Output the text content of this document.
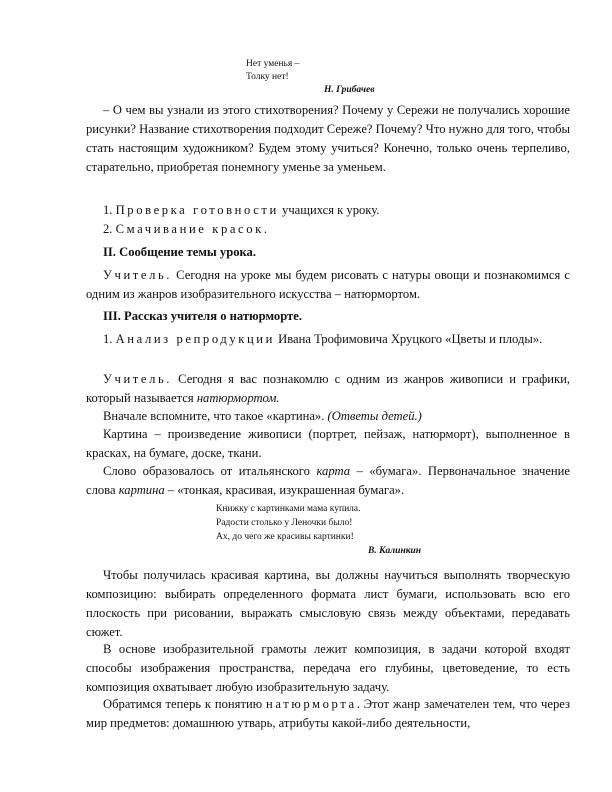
Нет уменья –
Толку нет!
Н. Грибачев
– О чем вы узнали из этого стихотворения? Почему у Сережи не получались хорошие рисунки? Название стихотворения подходит Сереже? Почему? Что нужно для того, чтобы стать настоящим художником? Будем этому учиться? Конечно, только очень терпеливо, старательно, приобретая понемногу уменье за уменьем.
1. Проверка готовности учащихся к уроку.
2. Смачивание красок.
II. Сообщение темы урока.
Учитель. Сегодня на уроке мы будем рисовать с натуры овощи и познакомимся с одним из жанров изобразительного искусства – натюрмортом.
III. Рассказ учителя о натюрморте.
1. Анализ репродукции Ивана Трофимовича Хруцкого «Цветы и плоды».
Учитель. Сегодня я вас познакомлю с одним из жанров живописи и графики, который называется натюрмортом.
Вначале вспомните, что такое «картина». (Ответы детей.)
Картина – произведение живописи (портрет, пейзаж, натюрморт), выполненное в красках, на бумаге, доске, ткани.
Слово образовалось от итальянского карта – «бумага». Первоначальное значение слова картина – «тонкая, красивая, изукрашенная бумага».
Книжку с картинками мама купила.
Радости столько у Леночки было!
Ах, до чего же красивы картинки!
В. Калинкин
Чтобы получилась красивая картина, вы должны научиться выполнять творческую композицию: выбирать определенного формата лист бумаги, использовать всю его плоскость при рисовании, выражать смысловую связь между объектами, передавать сюжет.
В основе изобразительной грамоты лежит композиция, в задачи которой входят способы изображения пространства, передача его глубины, цветоведение, то есть композиция охватывает любую изобразительную задачу.
Обратимся теперь к понятию натюрморта. Этот жанр замечателен тем, что через мир предметов: домашнюю утварь, атрибуты какой-либо деятельности,
